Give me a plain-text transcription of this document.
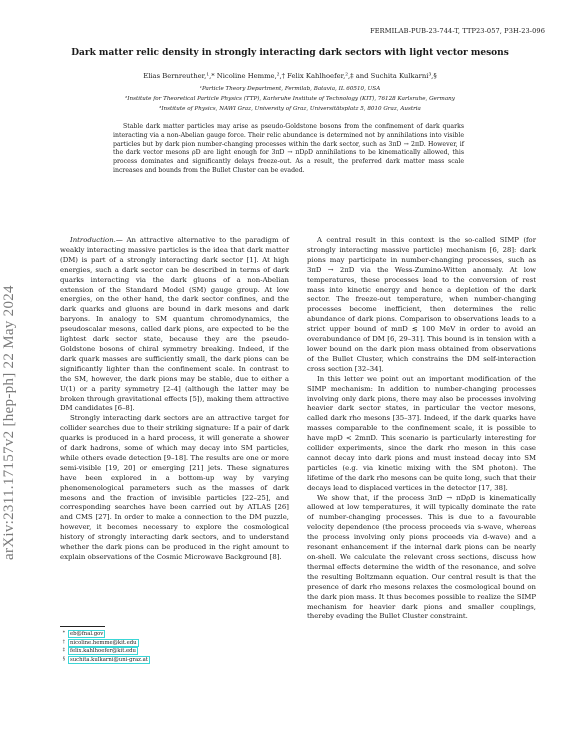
FERMILAB-PUB-23-744-T, TTP23-057, P3H-23-096
arXiv:2311.17157v2 [hep-ph] 22 May 2024
Dark matter relic density in strongly interacting dark sectors with light vector mesons
Elias Bernreuther,¹,* Nicoline Hemme,²,† Felix Kahlhoefer,²,‡ and Suchita Kulkarni³,§
¹Particle Theory Department, Fermilab, Batavia, IL 60510, USA
²Institute for Theoretical Particle Physics (TTP), Karlsruhe Institute of Technology (KIT), 76128 Karlsruhe, Germany
³Institute of Physics, NAWI Graz, University of Graz, Universitätsplatz 5, 8010 Graz, Austria
Stable dark matter particles may arise as pseudo-Goldstone bosons from the confinement of dark quarks interacting via a non-Abelian gauge force. Their relic abundance is determined not by annihilations into visible particles but by dark pion number-changing processes within the dark sector, such as 3πD → 2πD. However, if the dark vector mesons ρD are light enough for 3πD → πDρD annihilations to be kinematically allowed, this process dominates and significantly delays freeze-out. As a result, the preferred dark matter mass scale increases and bounds from the Bullet Cluster can be evaded.

Introduction.— An attractive alternative to the paradigm of weakly interacting massive particles is the idea that dark matter (DM) is part of a strongly interacting dark sector [1]. At high energies, such a dark sector can be described in terms of dark quarks interacting via the dark gluons of a non-Abelian extension of the Standard Model (SM) gauge group. At low energies, on the other hand, the dark sector confines, and the dark quarks and gluons are bound in dark mesons and dark baryons. In analogy to SM quantum chromodynamics, the pseudoscalar mesons, called dark pions, are expected to be the lightest dark sector state, because they are the pseudo-Goldstone bosons of chiral symmetry breaking. Indeed, if the dark quark masses are sufficiently small, the dark pions can be significantly lighter than the confinement scale. In contrast to the SM, however, the dark pions may be stable, due to either a U(1) or a parity symmetry [2–4] (although the latter may be broken through gravitational effects [5]), making them attractive DM candidates [6–8].

Strongly interacting dark sectors are an attractive target for collider searches due to their striking signature: If a pair of dark quarks is produced in a hard process, it will generate a shower of dark hadrons, some of which may decay into SM particles, while others evade detection [9–18]. The results are one or more semi-visible [19, 20] or emerging [21] jets. These signatures have been explored in a bottom-up way by varying phenomenological parameters such as the masses of dark mesons and the fraction of invisible particles [22–25], and corresponding searches have been carried out by ATLAS [26] and CMS [27]. In order to make a connection to the DM puzzle, however, it becomes necessary to explore the cosmological history of strongly interacting dark sectors, and to understand whether the dark pions can be produced in the right amount to explain observations of the Cosmic Microwave Background [8].

A central result in this context is the so-called SIMP (for strongly interacting massive particle) mechanism [6, 28]: dark pions may participate in number-changing processes, such as 3πD → 2πD via the Wess-Zumino-Witten anomaly. At low temperatures, these processes lead to the conversion of rest mass into kinetic energy and hence a depletion of the dark sector. The freeze-out temperature, when number-changing processes become inefficient, then determines the relic abundance of dark pions. Comparison to observations leads to a strict upper bound of mπD ≲ 100 MeV in order to avoid an overabundance of DM [6, 29–31]. This bound is in tension with a lower bound on the dark pion mass obtained from observations of the Bullet Cluster, which constrains the DM self-interaction cross section [32–34].

In this letter we point out an important modification of the SIMP mechanism: In addition to number-changing processes involving only dark pions, there may also be processes involving heavier dark sector states, in particular the vector mesons, called dark rho mesons [35–37]. Indeed, if the dark quarks have masses comparable to the confinement scale, it is possible to have mρD < 2mπD. This scenario is particularly interesting for collider experiments, since the dark rho meson in this case cannot decay into dark pions and must instead decay into SM particles (e.g. via kinetic mixing with the SM photon). The lifetime of the dark rho mesons can be quite long, such that their decays lead to displaced vertices in the detector [17, 38].

We show that, if the process 3πD → πDρD is kinematically allowed at low temperatures, it will typically dominate the rate of number-changing processes. This is due to a favourable velocity dependence (the process proceeds via s-wave, whereas the process involving only pions proceeds via d-wave) and a resonant enhancement if the internal dark pions can be nearly on-shell. We calculate the relevant cross sections, discuss how thermal effects determine the width of the resonance, and solve the resulting Boltzmann equation. Our central result is that the presence of dark rho mesons relaxes the cosmological bound on the dark pion mass. It thus becomes possible to realize the SIMP mechanism for heavier dark pions and smaller couplings, thereby evading the Bullet Cluster constraint.

* eb@fnal.gov
† nicoline.hemme@kit.edu
‡ felix.kahlhoefer@kit.edu
§ suchita.kulkarni@uni-graz.at
